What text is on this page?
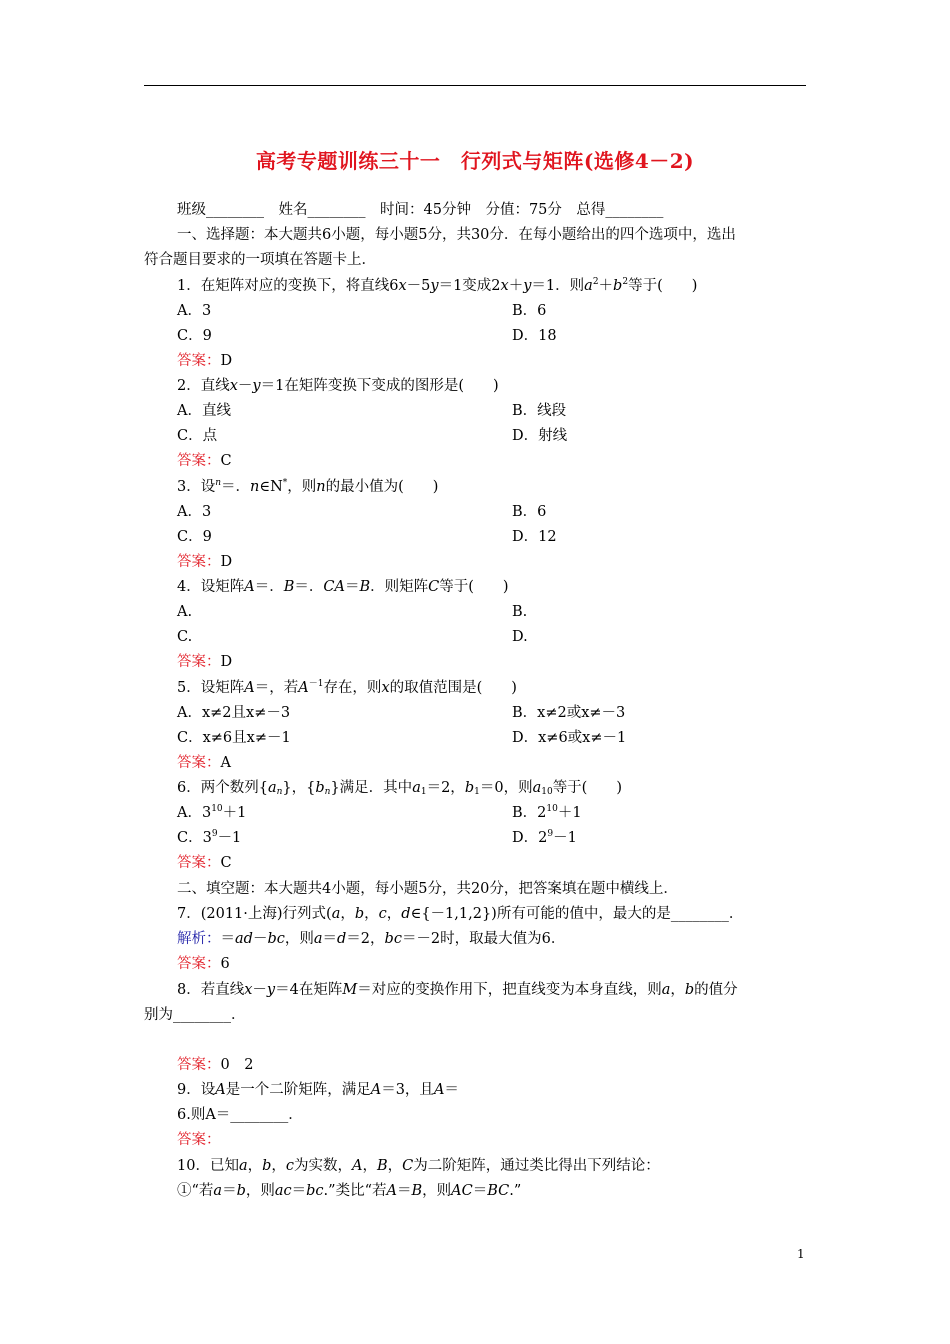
高考专题训练三十一　行列式与矩阵(选修4－2)
班级________　姓名________　时间：45分钟　分值：75分　总得________
一、选择题：本大题共6小题，每小题5分，共30分．在每小题给出的四个选项中，选出
符合题目要求的一项填在答题卡上．
1．在矩阵对应的变换下，将直线6x－5y＝1变成2x＋y＝1．则$a^2+b^2$等于(　　)
A．3	B．6
C．9	D．18
答案：D
2．直线x－y＝1在矩阵变换下变成的图形是(　　)
A．直线	B．线段
C．点	D．射线
答案：C
3．设$^n$＝．n∈N*，则n的最小值为(　　)
A．3	B．6
C．9	D．12
答案：D
4．设矩阵A＝．B＝．CA＝B．则矩阵C等于(　　)
A.	B.
C.	D.
答案：D
5．设矩阵A＝，若$A^{-1}$存在，则x的取值范围是(　　)
A．x≠2且x≠－3	B．x≠2或x≠－3
C．x≠6且x≠－1	D．x≠6或x≠－1
答案：A
6．两个数列$\{a_n\}$，$\{b_n\}$满足．其中$a_1=2$，$b_1=0$，则$a_{10}$等于(　　)
A．$3^{10}+1$	B．$2^{10}+1$
C．$3^9-1$	D．$2^9-1$
答案：C
二、填空题：本大题共4小题，每小题5分，共20分，把答案填在题中横线上．
7．(2011·上海)行列式(a，b，c，d∈{－1,1,2})所有可能的值中，最大的是________．
解析：＝ad－bc，则a＝d＝2，bc＝－2时，取最大值为6．
答案：6
8．若直线x－y＝4在矩阵M＝对应的变换作用下，把直线变为本身直线，则a，b的值分
别为________．
答案：0　2
9．设A是一个二阶矩阵，满足A＝3，且A＝
6.则A＝________．
答案：
10．已知a，b，c为实数，A，B，C为二阶矩阵，通过类比得出下列结论：
①“若a＝b，则ac＝bc.”类比“若A＝B，则AC＝BC.”
1
